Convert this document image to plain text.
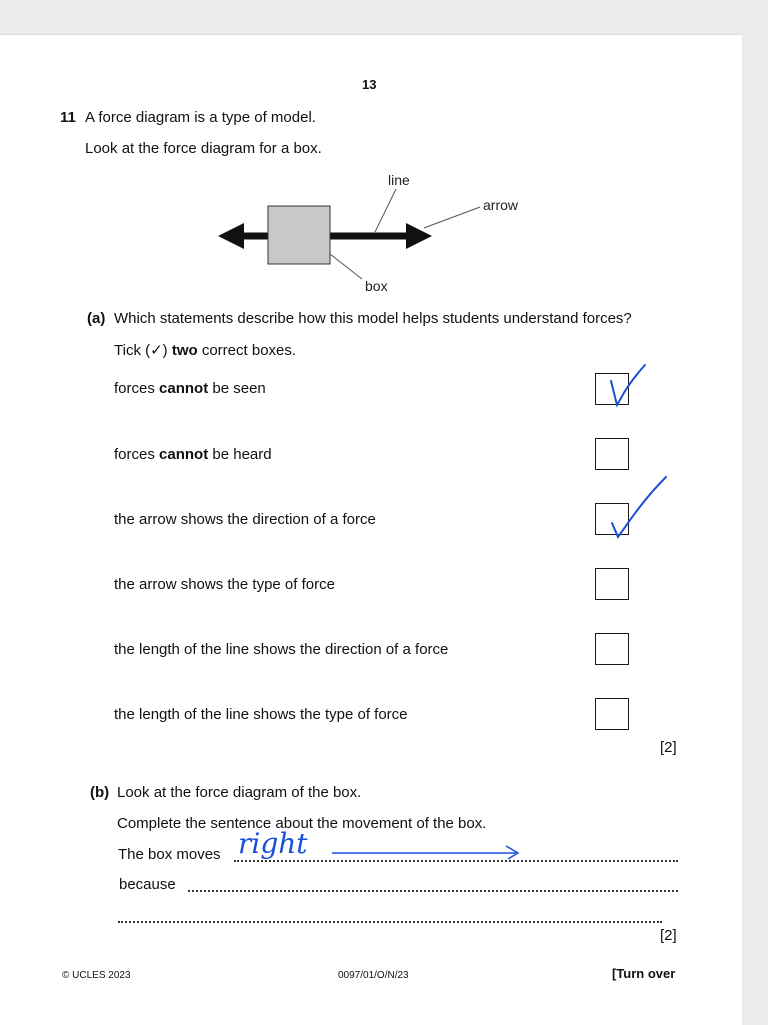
13
11 A force diagram is a type of model.
Look at the force diagram for a box.
line
arrow
box
(a) Which statements describe how this model helps students understand forces?
Tick (✓) two correct boxes.
forces cannot be seen
forces cannot be heard
the arrow shows the direction of a force
the arrow shows the type of force
the length of the line shows the direction of a force
the length of the line shows the type of force
[2]
(b) Look at the force diagram of the box.
Complete the sentence about the movement of the box.
The box moves right
because
[2]
© UCLES 2023	0097/01/O/N/23	[Turn over
